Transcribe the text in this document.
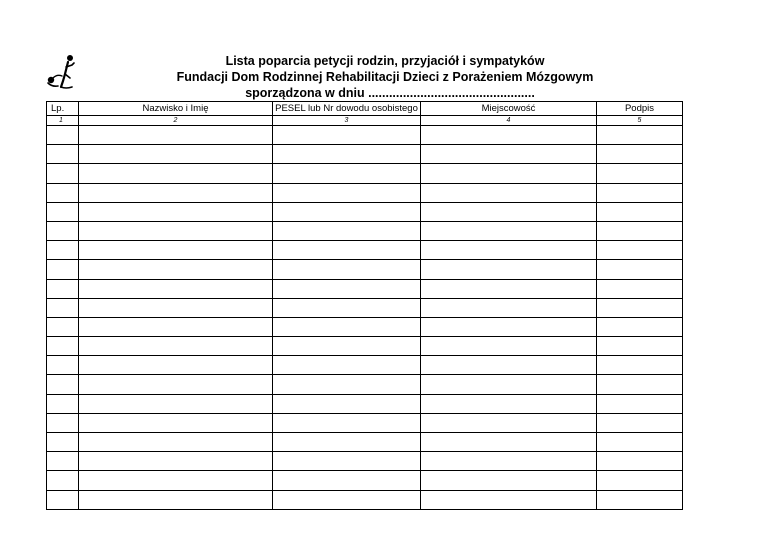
Lista poparcia petycji rodzin, przyjaciół i sympatyków
Fundacji Dom Rodzinnej Rehabilitacji Dzieci z Porażeniem Mózgowym
sporządzona w dniu ................................................
Lp.	Nazwisko i Imię	PESEL lub Nr dowodu osobistego	Miejscowość	Podpis
1	2	3	4	5
